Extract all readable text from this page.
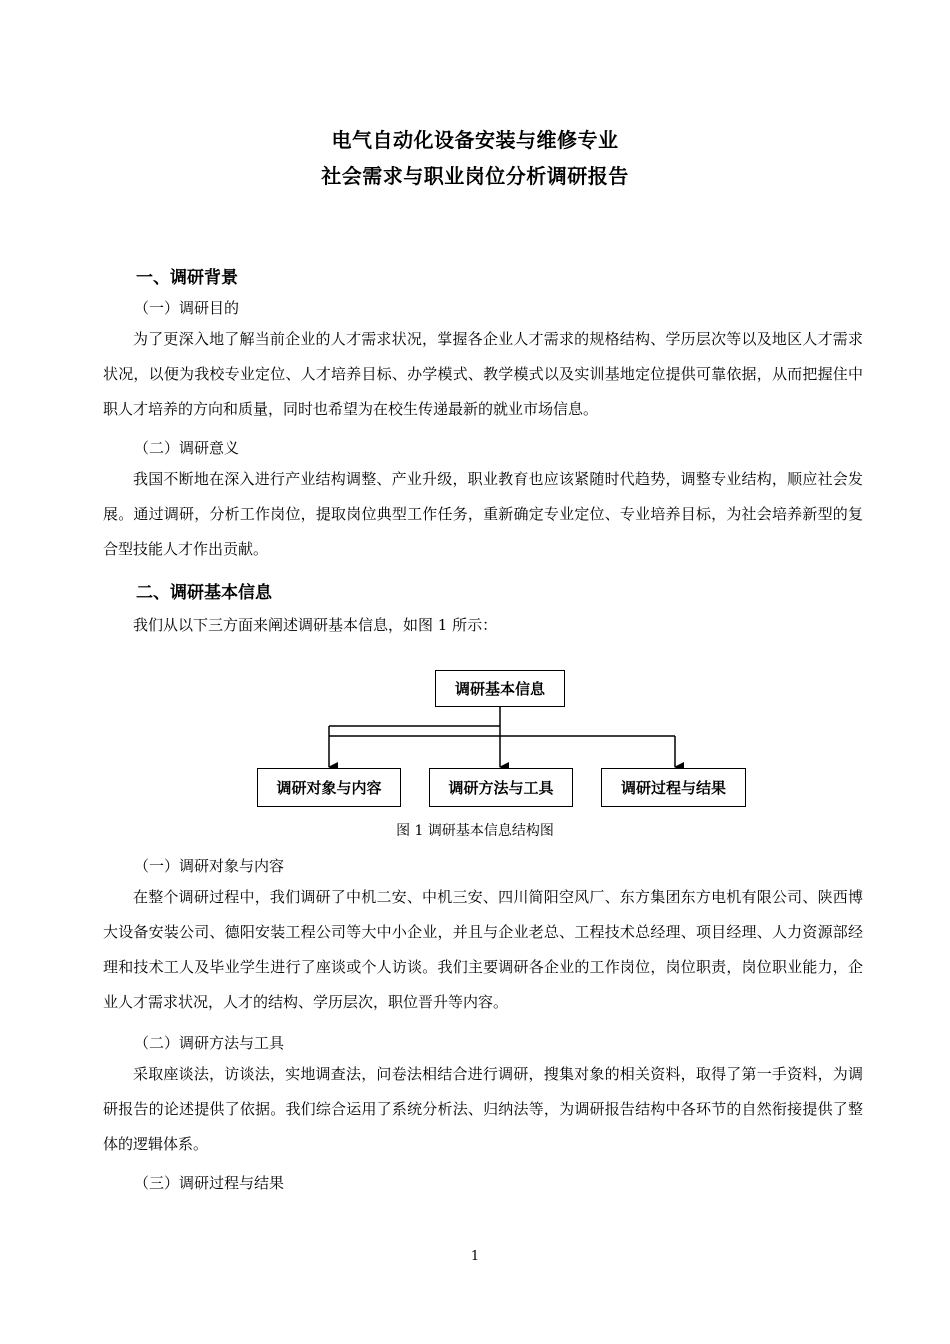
电气自动化设备安装与维修专业
社会需求与职业岗位分析调研报告
一、调研背景
（一）调研目的

为了更深入地了解当前企业的人才需求状况，掌握各企业人才需求的规格结构、学历层次等以及地区人才需求状况，以便为我校专业定位、人才培养目标、办学模式、教学模式以及实训基地定位提供可靠依据，从而把握住中职人才培养的方向和质量，同时也希望为在校生传递最新的就业市场信息。

（二）调研意义

我国不断地在深入进行产业结构调整、产业升级，职业教育也应该紧随时代趋势，调整专业结构，顺应社会发展。通过调研，分析工作岗位，提取岗位典型工作任务，重新确定专业定位、专业培养目标，为社会培养新型的复合型技能人才作出贡献。

二、调研基本信息
我们从以下三方面来阐述调研基本信息，如图 1 所示：
调研基本信息
调研对象与内容	调研方法与工具	调研过程与结果
图 1 调研基本信息结构图
（一）调研对象与内容

在整个调研过程中，我们调研了中机二安、中机三安、四川简阳空风厂、东方集团东方电机有限公司、陕西博大设备安装公司、德阳安装工程公司等大中小企业，并且与企业老总、工程技术总经理、项目经理、人力资源部经理和技术工人及毕业学生进行了座谈或个人访谈。我们主要调研各企业的工作岗位，岗位职责，岗位职业能力，企业人才需求状况，人才的结构、学历层次，职位晋升等内容。

（二）调研方法与工具

采取座谈法，访谈法，实地调查法，问卷法相结合进行调研，搜集对象的相关资料，取得了第一手资料，为调研报告的论述提供了依据。我们综合运用了系统分析法、归纳法等，为调研报告结构中各环节的自然衔接提供了整体的逻辑体系。

（三）调研过程与结果
1
